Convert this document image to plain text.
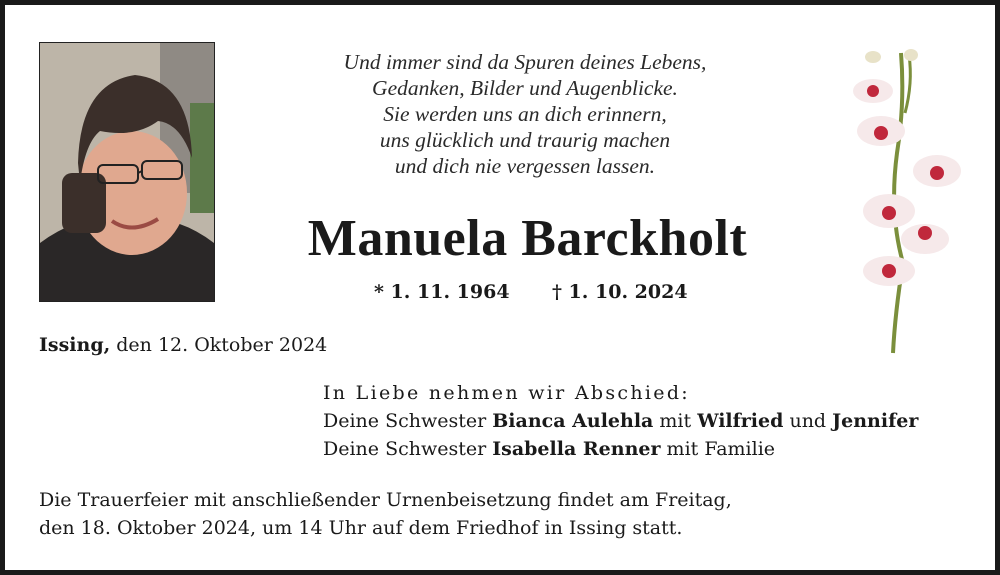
Und immer sind da Spuren deines Lebens,
Gedanken, Bilder und Augenblicke.
Sie werden uns an dich erinnern,
uns glücklich und traurig machen
und dich nie vergessen lassen.
Manuela Barckholt
* 1. 11. 1964 † 1. 10. 2024
Issing, den 12. Oktober 2024
In Liebe nehmen wir Abschied:
Deine Schwester Bianca Aulehla mit Wilfried und Jennifer
Deine Schwester Isabella Renner mit Familie
Die Trauerfeier mit anschließender Urnenbeisetzung findet am Freitag,
den 18. Oktober 2024, um 14 Uhr auf dem Friedhof in Issing statt.
